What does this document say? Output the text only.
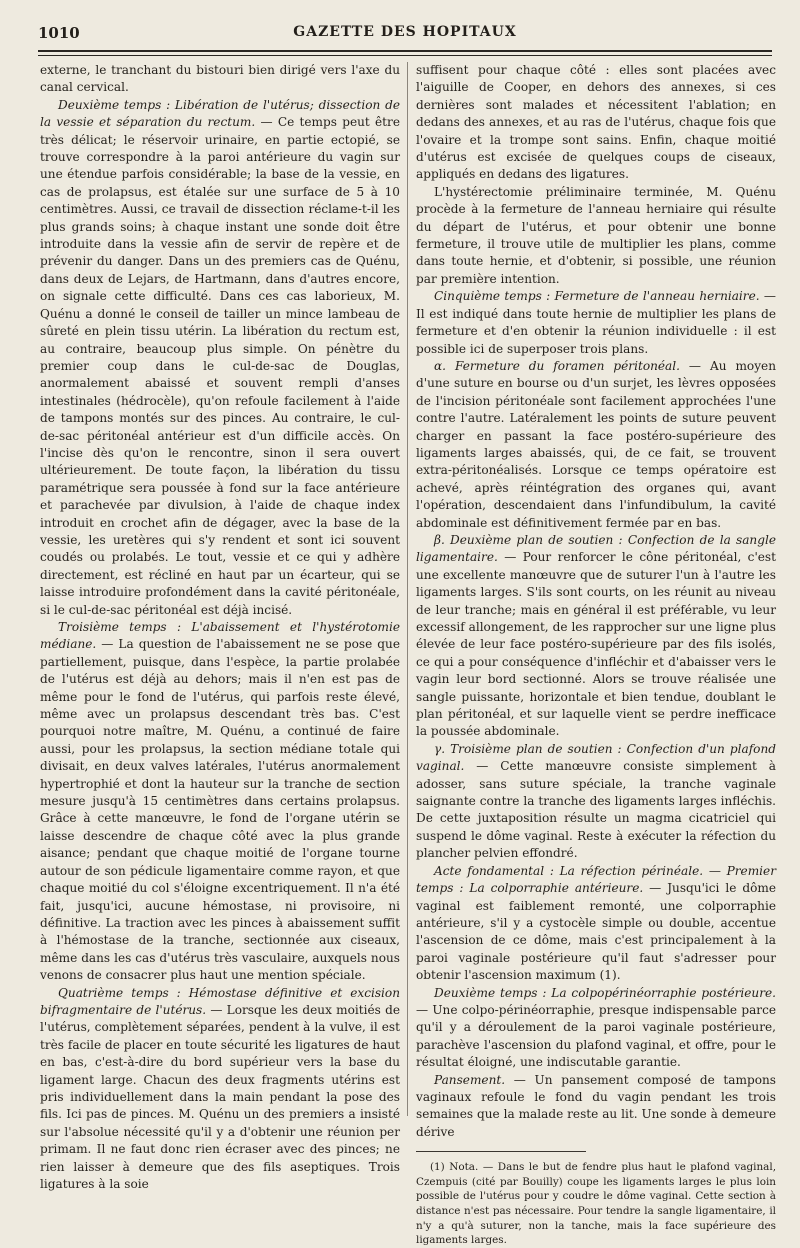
1010	GAZETTE DES HOPITAUX

externe, le tranchant du bistouri bien dirigé vers l'axe du canal cervical.

Deuxième temps : Libération de l'utérus; dissection de la vessie et séparation du rectum. — Ce temps peut être très délicat; le réservoir urinaire, en partie ectopié, se trouve correspondre à la paroi antérieure du vagin sur une étendue parfois considérable; la base de la vessie, en cas de prolapsus, est étalée sur une surface de 5 à 10 centimètres. Aussi, ce travail de dissection réclame-t-il les plus grands soins; à chaque instant une sonde doit être introduite dans la vessie afin de servir de repère et de prévenir du danger. Dans un des premiers cas de Quénu, dans deux de Lejars, de Hartmann, dans d'autres encore, on signale cette difficulté. Dans ces cas laborieux, M. Quénu a donné le conseil de tailler un mince lambeau de sûreté en plein tissu utérin. La libération du rectum est, au contraire, beaucoup plus simple. On pénètre du premier coup dans le cul-de-sac de Douglas, anormalement abaissé et souvent rempli d'anses intestinales (hédrocèle), qu'on refoule facilement à l'aide de tampons montés sur des pinces. Au contraire, le cul-de-sac péritonéal antérieur est d'un difficile accès. On l'incise dès qu'on le rencontre, sinon il sera ouvert ultérieurement. De toute façon, la libération du tissu paramétrique sera poussée à fond sur la face antérieure et parachevée par divulsion, à l'aide de chaque index introduit en crochet afin de dégager, avec la base de la vessie, les uretères qui s'y rendent et sont ici souvent coudés ou prolabés. Le tout, vessie et ce qui y adhère directement, est récliné en haut par un écarteur, qui se laisse introduire profondément dans la cavité péritonéale, si le cul-de-sac péritonéal est déjà incisé.

Troisième temps : L'abaissement et l'hystérotomie médiane. — La question de l'abaissement ne se pose que partiellement, puisque, dans l'espèce, la partie prolabée de l'utérus est déjà au dehors; mais il n'en est pas de même pour le fond de l'utérus, qui parfois reste élevé, même avec un prolapsus descendant très bas. C'est pourquoi notre maître, M. Quénu, a continué de faire aussi, pour les prolapsus, la section médiane totale qui divisait, en deux valves latérales, l'utérus anormalement hypertrophié et dont la hauteur sur la tranche de section mesure jusqu'à 15 centimètres dans certains prolapsus. Grâce à cette manœuvre, le fond de l'organe utérin se laisse descendre de chaque côté avec la plus grande aisance; pendant que chaque moitié de l'organe tourne autour de son pédicule ligamentaire comme rayon, et que chaque moitié du col s'éloigne excentriquement. Il n'a été fait, jusqu'ici, aucune hémostase, ni provisoire, ni définitive. La traction avec les pinces à abaissement suffit à l'hémostase de la tranche, sectionnée aux ciseaux, même dans les cas d'utérus très vasculaire, auxquels nous venons de consacrer plus haut une mention spéciale.

Quatrième temps : Hémostase définitive et excision bifragmentaire de l'utérus. — Lorsque les deux moitiés de l'utérus, complètement séparées, pendent à la vulve, il est très facile de placer en toute sécurité les ligatures de haut en bas, c'est-à-dire du bord supérieur vers la base du ligament large. Chacun des deux fragments utérins est pris individuellement dans la main pendant la pose des fils. Ici pas de pinces. M. Quénu un des premiers a insisté sur l'absolue nécessité qu'il y a d'obtenir une réunion per primam. Il ne faut donc rien écraser avec des pinces; ne rien laisser à demeure que des fils aseptiques. Trois ligatures à la soie

suffisent pour chaque côté : elles sont placées avec l'aiguille de Cooper, en dehors des annexes, si ces dernières sont malades et nécessitent l'ablation; en dedans des annexes, et au ras de l'utérus, chaque fois que l'ovaire et la trompe sont sains. Enfin, chaque moitié d'utérus est excisée de quelques coups de ciseaux, appliqués en dedans des ligatures.

L'hystérectomie préliminaire terminée, M. Quénu procède à la fermeture de l'anneau herniaire qui résulte du départ de l'utérus, et pour obtenir une bonne fermeture, il trouve utile de multiplier les plans, comme dans toute hernie, et d'obtenir, si possible, une réunion par première intention.

Cinquième temps : Fermeture de l'anneau herniaire. — Il est indiqué dans toute hernie de multiplier les plans de fermeture et d'en obtenir la réunion individuelle : il est possible ici de superposer trois plans.

α. Fermeture du foramen péritonéal. — Au moyen d'une suture en bourse ou d'un surjet, les lèvres opposées de l'incision péritonéale sont facilement approchées l'une contre l'autre. Latéralement les points de suture peuvent charger en passant la face postéro-supérieure des ligaments larges abaissés, qui, de ce fait, se trouvent extra-péritonéalisés. Lorsque ce temps opératoire est achevé, après réintégration des organes qui, avant l'opération, descendaient dans l'infundibulum, la cavité abdominale est définitivement fermée par en bas.

β. Deuxième plan de soutien : Confection de la sangle ligamentaire. — Pour renforcer le cône péritonéal, c'est une excellente manœuvre que de suturer l'un à l'autre les ligaments larges. S'ils sont courts, on les réunit au niveau de leur tranche; mais en général il est préférable, vu leur excessif allongement, de les rapprocher sur une ligne plus élevée de leur face postéro-supérieure par des fils isolés, ce qui a pour conséquence d'infléchir et d'abaisser vers le vagin leur bord sectionné. Alors se trouve réalisée une sangle puissante, horizontale et bien tendue, doublant le plan péritonéal, et sur laquelle vient se perdre inefficace la poussée abdominale.

γ. Troisième plan de soutien : Confection d'un plafond vaginal. — Cette manœuvre consiste simplement à adosser, sans suture spéciale, la tranche vaginale saignante contre la tranche des ligaments larges infléchis. De cette juxtaposition résulte un magma cicatriciel qui suspend le dôme vaginal. Reste à exécuter la réfection du plancher pelvien effondré.

Acte fondamental : La réfection périnéale. — Premier temps : La colporraphie antérieure. — Jusqu'ici le dôme vaginal est faiblement remonté, une colporraphie antérieure, s'il y a cystocèle simple ou double, accentue l'ascension de ce dôme, mais c'est principalement à la paroi vaginale postérieure qu'il faut s'adresser pour obtenir l'ascension maximum (1).

Deuxième temps : La colpopérinéorraphie postérieure. — Une colpo-périnéorraphie, presque indispensable parce qu'il y a déroulement de la paroi vaginale postérieure, parachève l'ascension du plafond vaginal, et offre, pour le résultat éloigné, une indiscutable garantie.

Pansement. — Un pansement composé de tampons vaginaux refoule le fond du vagin pendant les trois semaines que la malade reste au lit. Une sonde à demeure dérive

(1) Nota. — Dans le but de fendre plus haut le plafond vaginal, Czempuis (cité par Bouilly) coupe les ligaments larges le plus loin possible de l'utérus pour y coudre le dôme vaginal. Cette section à distance n'est pas nécessaire. Pour tendre la sangle ligamentaire, il n'y a qu'à suturer, non la tanche, mais la face supérieure des ligaments larges.
